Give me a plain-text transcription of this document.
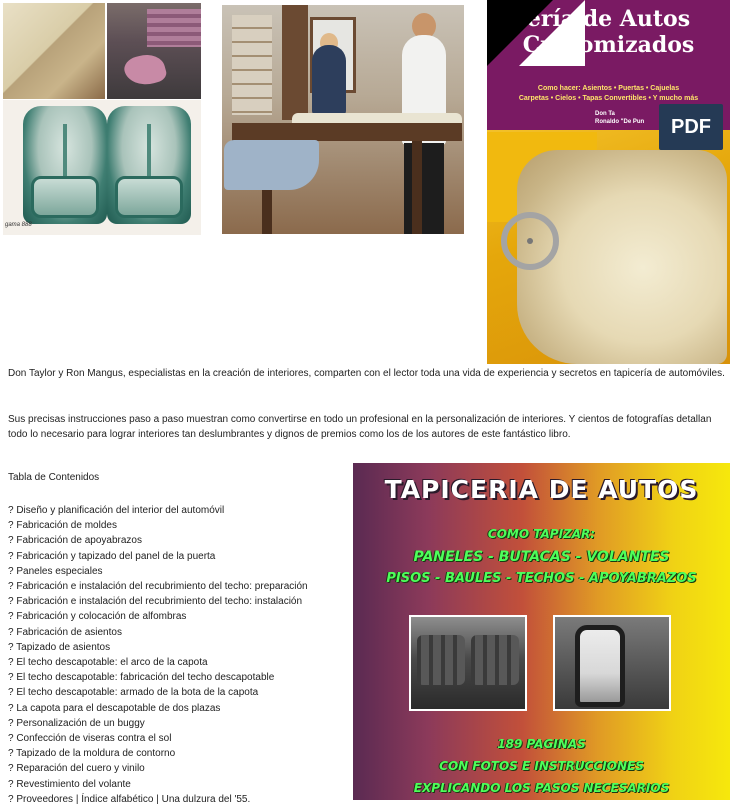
gama 888
ería de Autos
Customizados
Como hacer: Asientos • Puertas • Cajuelas
Carpetas • Cielos • Tapas Convertibles • Y mucho más
Don Ta
Ronaldo "De Pun	PDF
Don Taylor y Ron Mangus, especialistas en la creación de interiores, comparten con el lector toda una vida de experiencia y secretos en tapicería de automóviles.
Sus precisas instrucciones paso a paso muestran como convertirse en todo un profesional en la personalización de interiores. Y cientos de fotografías detallan todo lo necesario para lograr interiores tan deslumbrantes y dignos de premios como los de los autores de este fantástico libro.
Tabla de Contenidos
? Diseño y planificación del interior del automóvil
? Fabricación de moldes
? Fabricación de apoyabrazos
? Fabricación y tapizado del panel de la puerta
? Paneles especiales
? Fabricación e instalación del recubrimiento del techo: preparación
? Fabricación e instalación del recubrimiento del techo: instalación
? Fabricación y colocación de alfombras
? Fabricación de asientos
? Tapizado de asientos
? El techo descapotable: el arco de la capota
? El techo descapotable: fabricación del techo descapotable
? El techo descapotable: armado de la bota de la capota
? La capota para el descapotable de dos plazas
? Personalización de un buggy
? Confección de viseras contra el sol
? Tapizado de la moldura de contorno
? Reparación del cuero y vinilo
? Revestimiento del volante
? Proveedores | Índice alfabético | Una dulzura del '55.
TAPICERIA DE AUTOS
COMO TAPIZAR:
PANELES - BUTACAS - VOLANTES
PISOS - BAULES - TECHOS - APOYABRAZOS
189 PAGINAS
CON FOTOS E INSTRUCCIONES
EXPLICANDO LOS PASOS NECESARIOS
